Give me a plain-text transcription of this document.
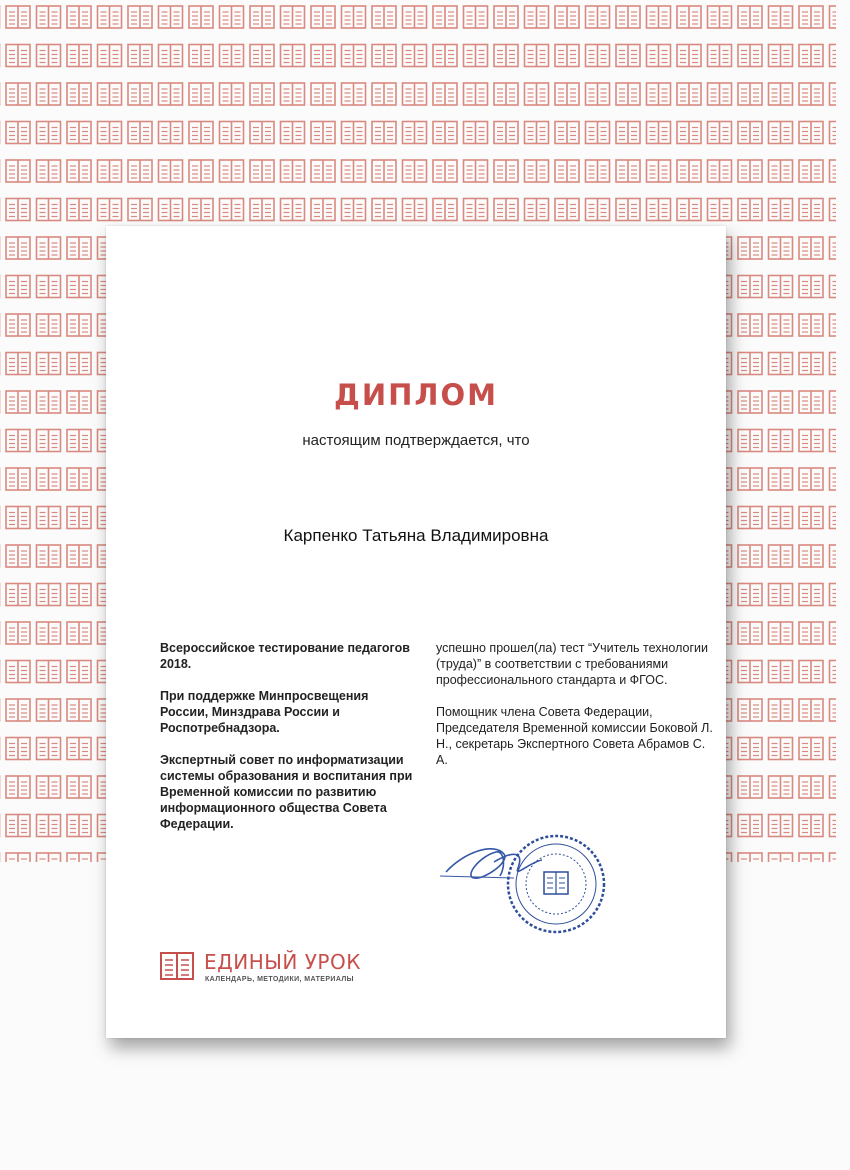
ДИПЛОМ
настоящим подтверждается, что
Карпенко Татьяна Владимировна

Всероссийское тестирование педагогов 2018.

При поддержке Минпросвещения России, Минздрава России и Роспотребнадзора.

Экспертный совет по информатизации системы образования и воспитания при Временной комиссии по развитию информационного общества Совета Федерации.

успешно прошел(ла) тест “Учитель технологии (труда)” в соответствии с требованиями профессионального стандарта и ФГОС.

Помощник члена Совета Федерации, Председателя Временной комиссии Боковой Л. Н., секретарь Экспертного Совета Абрамов С. А.

ЕДИНЫЙ УРОК
КАЛЕНДАРЬ, МЕТОДИКИ, МАТЕРИАЛЫ
